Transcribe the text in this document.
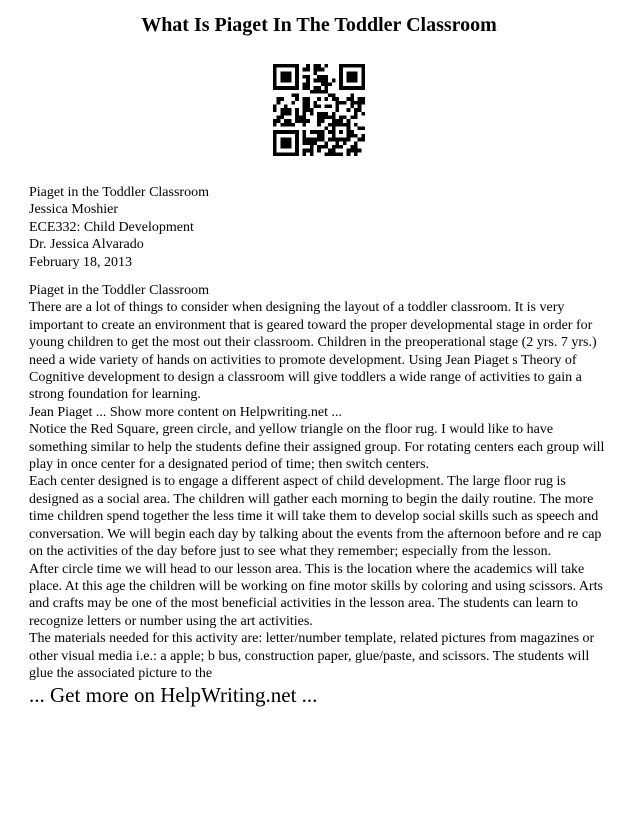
What Is Piaget In The Toddler Classroom
Piaget in the Toddler Classroom
Jessica Moshier
ECE332: Child Development
Dr. Jessica Alvarado
February 18, 2013

Piaget in the Toddler Classroom

There are a lot of things to consider when designing the layout of a toddler classroom. It is very important to create an environment that is geared toward the proper developmental stage in order for young children to get the most out their classroom. Children in the preoperational stage (2 yrs. 7 yrs.) need a wide variety of hands on activities to promote development. Using Jean Piaget s Theory of Cognitive development to design a classroom will give toddlers a wide range of activities to gain a strong foundation for learning.

Jean Piaget ... Show more content on Helpwriting.net ...

Notice the Red Square, green circle, and yellow triangle on the floor rug. I would like to have something similar to help the students define their assigned group. For rotating centers each group will play in once center for a designated period of time; then switch centers.

Each center designed is to engage a different aspect of child development. The large floor rug is designed as a social area. The children will gather each morning to begin the daily routine. The more time children spend together the less time it will take them to develop social skills such as speech and conversation. We will begin each day by talking about the events from the afternoon before and re cap on the activities of the day before just to see what they remember; especially from the lesson.

After circle time we will head to our lesson area. This is the location where the academics will take place. At this age the children will be working on fine motor skills by coloring and using scissors. Arts and crafts may be one of the most beneficial activities in the lesson area. The students can learn to recognize letters or number using the art activities.

The materials needed for this activity are: letter/number template, related pictures from magazines or other visual media i.e.: a apple; b bus, construction paper, glue/paste, and scissors. The students will glue the associated picture to the

... Get more on HelpWriting.net ...
